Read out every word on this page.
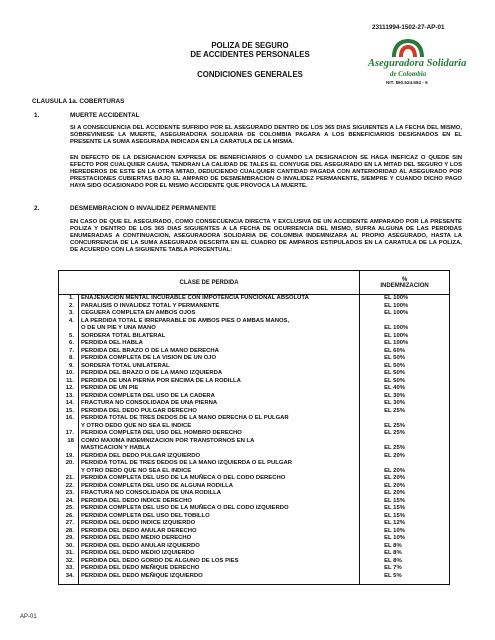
23111994-1502-27-AP-01
POLIZA DE SEGURO
DE ACCIDENTES PERSONALES
CONDICIONES GENERALES
Aseguradora Solidaria
de Colombia
NIT. 860.524.654 - 6
CLAUSULA 1a. COBERTURAS
1.	MUERTE ACCIDENTAL
SI A CONSECUENCIA DEL ACCIDENTE SUFRIDO POR EL ASEGURADO DENTRO DE LOS 365 DIAS SIGUIENTES A LA FECHA DEL MISMO, SOBREVINIESE LA MUERTE, ASEGURADORA SOLIDARIA DE COLOMBIA PAGARA A LOS BENEFICIARIOS DESIGNADOS EN EL PRESENTE LA SUMA ASEGURADA INDICADA EN LA CARATULA DE LA MISMA.
EN DEFECTO DE LA DESIGNACION EXPRESA DE BENEFICIARIOS O CUANDO LA DESIGNACION SE HAGA INEFICAZ O QUEDE SIN EFECTO POR CUALQUIER CAUSA, TENDRAN LA CALIDAD DE TALES EL CONYUGE DEL ASEGURADO EN LA MITAD DEL SEGURO Y LOS HEREDEROS DE ESTE EN LA OTRA MITAD, DEDUCIENDO CUALQUIER CANTIDAD PAGADA CON ANTERIORIDAD AL ASEGURADO POR PRESTACIONES CUBIERTAS BAJO EL AMPARO DE DESMEMBRACION O INVALIDEZ PERMANENTE, SIEMPRE Y CUANDO DICHO PAGO HAYA SIDO OCASIONADO POR EL MISMO ACCIDENTE QUE PROVOCA LA MUERTE.
2.	DESMEMBRACION O INVALIDEZ PERMANENTE
EN CASO DE QUE EL ASEGURADO, COMO CONSECUENCIA DIRECTA Y EXCLUSIVA DE UN ACCIDENTE AMPARADO POR LA PRESENTE POLIZA Y DENTRO DE LOS 365 DIAS SIGUIENTES A LA FECHA DE OCURRENCIA DEL MISMO, SUFRA ALGUNA DE LAS PERDIDAS ENUMERADAS A CONTINUACION, ASEGURADORA SOLIDARIA DE COLOMBIA INDEMNIZARA AL PROPIO ASEGURADO, HASTA LA CONCURRENCIA DE LA SUMA ASEGURADA DESCRITA EN EL CUADRO DE AMPAROS ESTIPULADOS EN LA CARATULA DE LA POLIZA, DE ACUERDO CON LA SIGUIENTE TABLA PORCENTUAL:
CLASE DE PERDIDA		%
INDEMNIZACION

1.	ENAJENACION MENTAL INCURABLE CON IMPOTENCIA FUNCIONAL ABSOLUTA	EL 100%

2.	PARALISIS O INVALIDEZ TOTAL Y PERMANENTE	EL 100%

3.	CEGUERA COMPLETA EN AMBOS OJOS	EL 100%

4.	LA PERDIDA TOTAL E IRREPARABLE DE AMBOS PIES O AMBAS MANOS,
O DE UN PIE Y UNA MANO	EL 100%

5.	SORDERA TOTAL BILATERAL	EL 100%

6.	PERDIDA DEL HABLA	EL 100%

7.	PERDIDA DEL BRAZO O DE LA MANO DERECHA	EL 60%

8.	PERDIDA COMPLETA DE LA VISION DE UN OJO	EL 50%

9.	SORDERA TOTAL UNILATERAL	EL 50%

10.	PERDIDA DEL BRAZO O DE LA MANO IZQUIERDA	EL 50%

11.	PERDIDA DE UNA PIERNA POR ENCIMA DE LA RODILLA	EL 50%

12.	PERDIDA DE UN PIE	EL 40%

13.	PERDIDA COMPLETA DEL USO DE LA CADERA	EL 30%

14.	FRACTURA NO CONSOLIDADA DE UNA PIERNA	EL 30%

15.	PERDIDA DEL DEDO PULGAR DERECHO	EL 25%

16.	PERDIDA TOTAL DE TRES DEDOS DE LA MANO DERECHA O EL PULGAR
Y OTRO DEDO QUE NO SEA EL INDICE	EL 25%

17.	PERDIDA COMPLETA DEL USO DEL HOMBRO DERECHO	EL 25%

18	COMO MAXIMA INDEMNIZACION POR TRANSTORNOS EN LA
MASTICACION Y HABLA	EL 25%

19.	PERDIDA DEL DEDO PULGAR IZQUIERDO	EL 20%

20.	PERDIDA TOTAL DE TRES DEDOS DE LA MANO IZQUIERDA O EL PULGAR
Y OTRO DEDO QUE NO SEA EL INDICE	EL 20%

21.	PERDIDA COMPLETA DEL USO DE LA MUÑECA O DEL CODO DERECHO	EL 20%

22.	PERDIDA COMPLETA DEL USO DE ALGUNA RODILLA	EL 20%

23.	FRACTURA NO CONSOLIDADA DE UNA RODILLA	EL 20%

24.	PERDIDA DEL DEDO INDICE DERECHO	EL 15%

25.	PERDIDA COMPLETA DEL USO DE LA MUÑECA O DEL CODO IZQUIERDO	EL 15%

26.	PERDIDA COMPLETA DEL USO DEL TOBILLO	EL 15%

27.	PERDIDA DEL DEDO INDICE IZQUIERDO	EL 12%

28.	PERDIDA DEL DEDO ANULAR DERECHO	EL 10%

29.	PERDIDA DEL DEDO MEDIO DERECHO	EL 10%

30.	PERDIDA DEL DEDO ANULAR IZQUIERDO	EL 8%

31.	PERDIDA DEL DEDO MEDIO IZQUIERDO	EL 8%

32.	PERDIDA DEL DEDO GORDO DE ALGUNO DE LOS PIES	EL 8%

33.	PERDIDA DEL DEDO MEÑIQUE DERECHO	EL 7%

34.	PERDIDA DEL DEDO MEÑIQUE IZQUIERDO	EL 5%

AP-01
